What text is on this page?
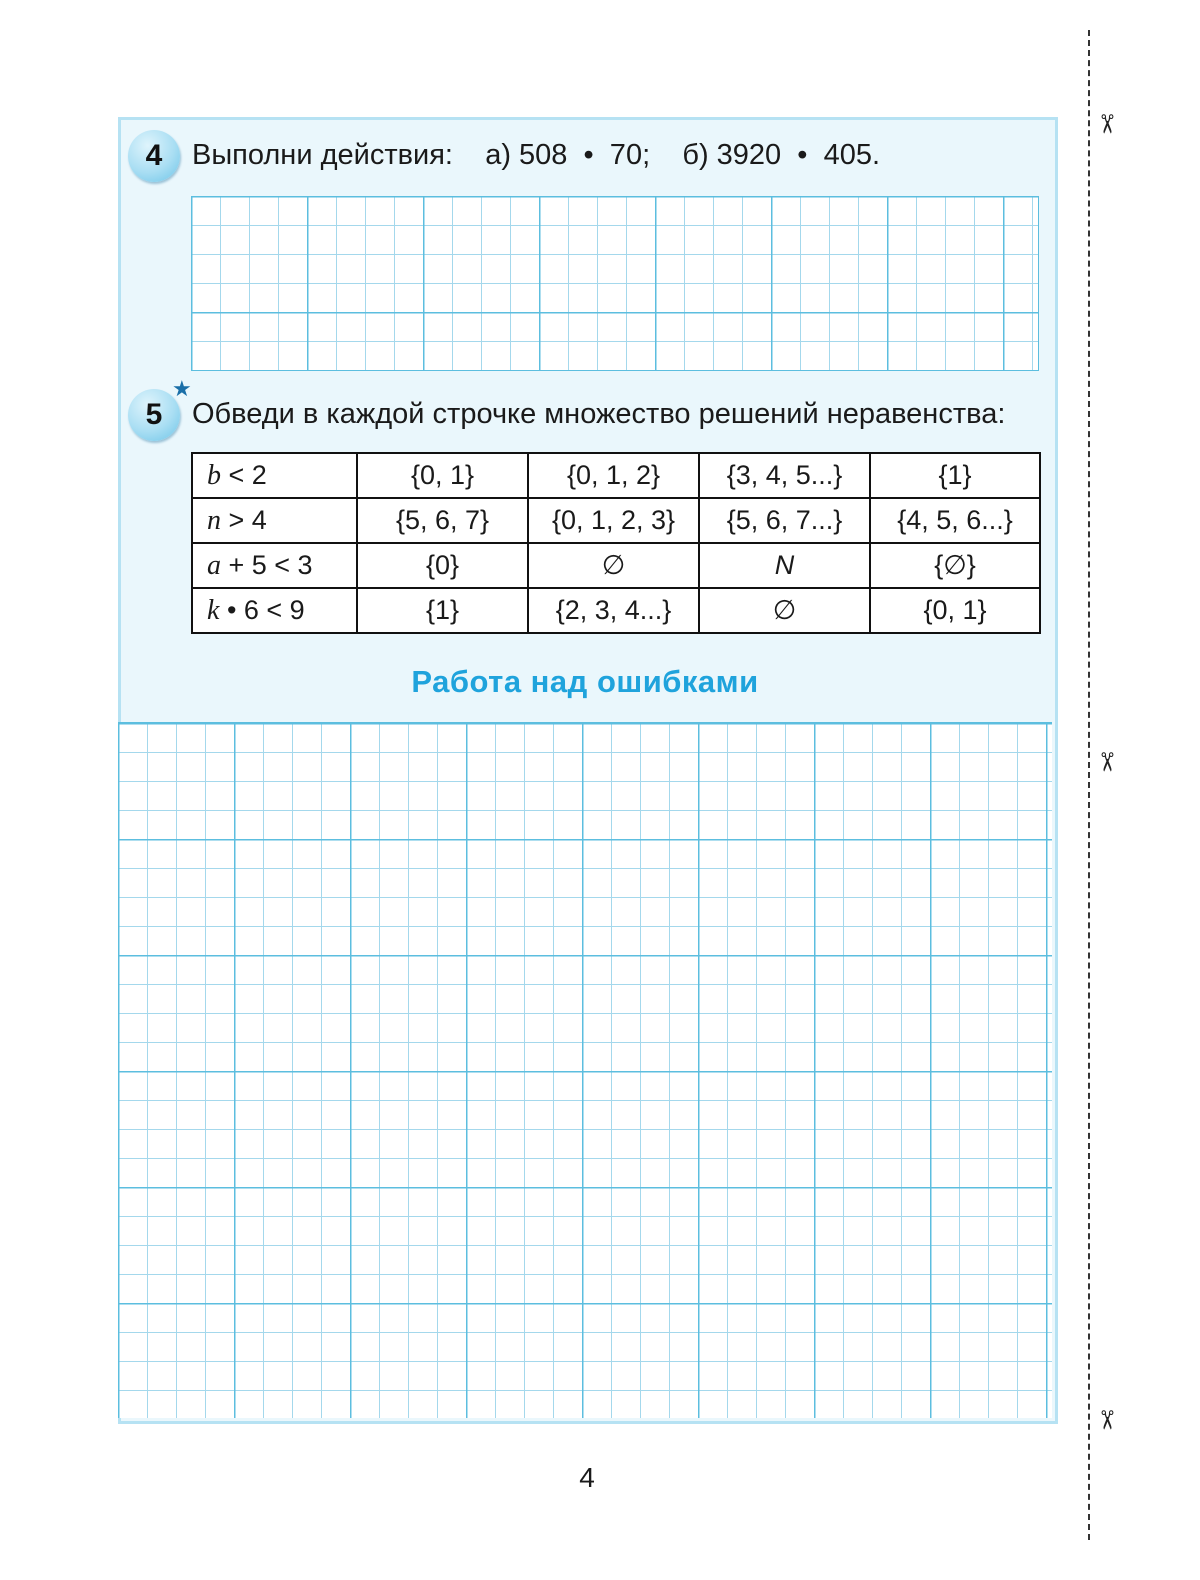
✂
✂
✂
4	Выполни действия:    а) 508  •  70;    б) 3920  •  405.
5
★
Обведи в каждой строчке множество решений неравенства:
b < 2	{0, 1}	{0, 1, 2}	{3, 4, 5...}	{1}
n > 4	{5, 6, 7}	{0, 1, 2, 3}	{5, 6, 7...}	{4, 5, 6...}
a + 5 < 3	{0}	∅	N	{∅}
k • 6 < 9	{1}	{2, 3, 4...}	∅	{0, 1}
Работа над ошибками
4
